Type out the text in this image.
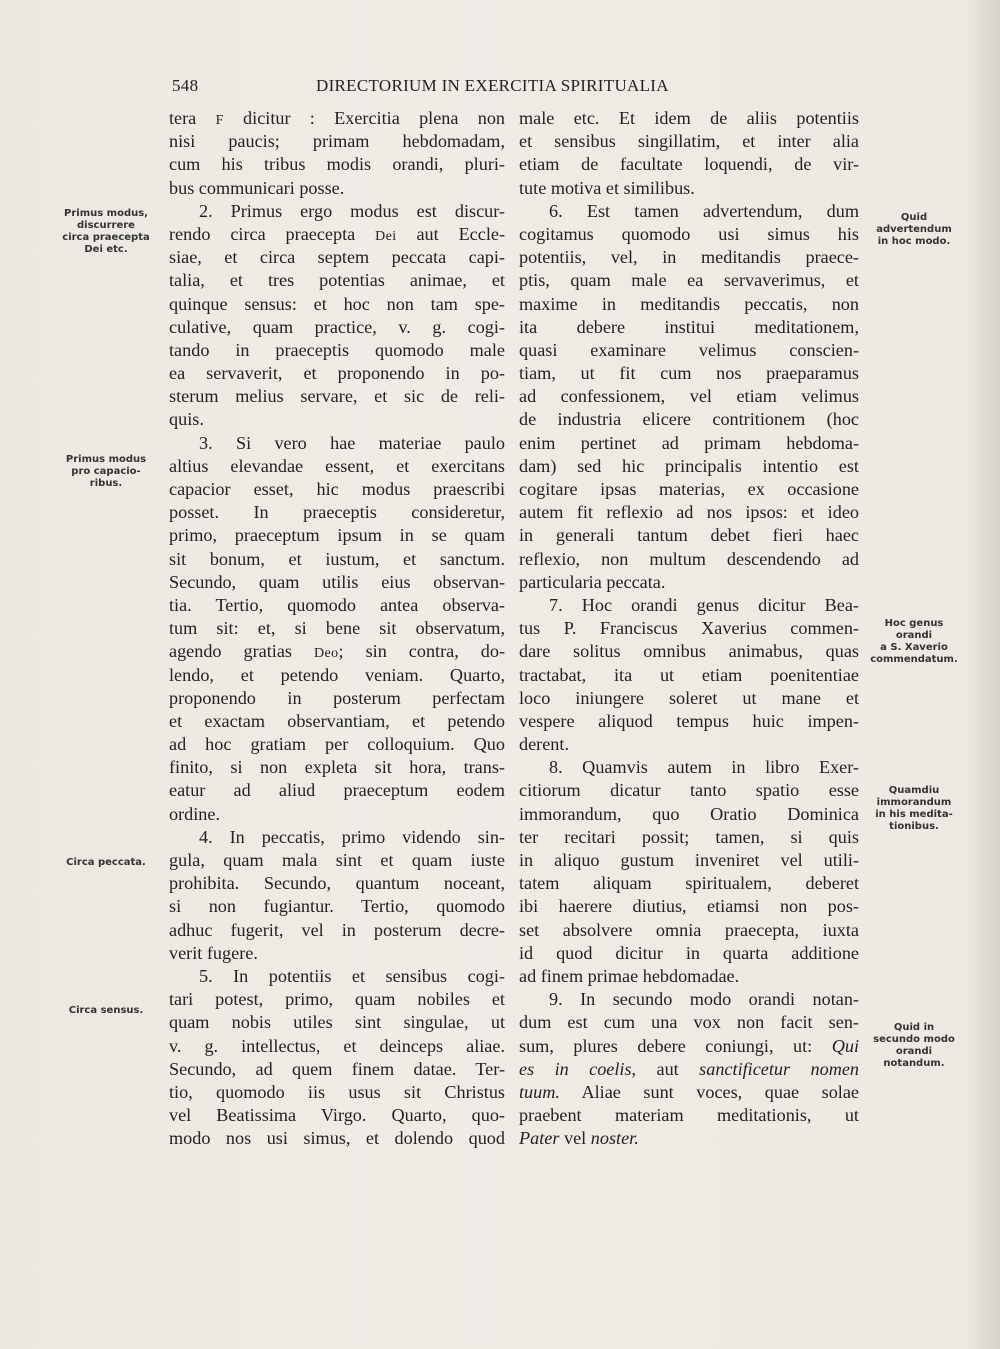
548	DIRECTORIUM IN EXERCITIA SPIRITUALIA
tera F dicitur : Exercitia plena non
nisi paucis; primam hebdomadam,
cum his tribus modis orandi, pluri-
bus communicari posse.
2. Primus ergo modus est discur-
rendo circa praecepta Dei aut Eccle-
siae, et circa septem peccata capi-
talia, et tres potentias animae, et
quinque sensus: et hoc non tam spe-
culative, quam practice, v. g. cogi-
tando in praeceptis quomodo male
ea servaverit, et proponendo in po-
sterum melius servare, et sic de reli-
quis.
3. Si vero hae materiae paulo
altius elevandae essent, et exercitans
capacior esset, hic modus praescribi
posset. In praeceptis consideretur,
primo, praeceptum ipsum in se quam
sit bonum, et iustum, et sanctum.
Secundo, quam utilis eius observan-
tia. Tertio, quomodo antea observa-
tum sit: et, si bene sit observatum,
agendo gratias Deo; sin contra, do-
lendo, et petendo veniam. Quarto,
proponendo in posterum perfectam
et exactam observantiam, et petendo
ad hoc gratiam per colloquium. Quo
finito, si non expleta sit hora, trans-
eatur ad aliud praeceptum eodem
ordine.
4. In peccatis, primo videndo sin-
gula, quam mala sint et quam iuste
prohibita. Secundo, quantum noceant,
si non fugiantur. Tertio, quomodo
adhuc fugerit, vel in posterum decre-
verit fugere.
5. In potentiis et sensibus cogi-
tari potest, primo, quam nobiles et
quam nobis utiles sint singulae, ut
v. g. intellectus, et deinceps aliae.
Secundo, ad quem finem datae. Ter-
tio, quomodo iis usus sit Christus
vel Beatissima Virgo. Quarto, quo-
modo nos usi simus, et dolendo quod
male etc. Et idem de aliis potentiis
et sensibus singillatim, et inter alia
etiam de facultate loquendi, de vir-
tute motiva et similibus.
6. Est tamen advertendum, dum
cogitamus quomodo usi simus his
potentiis, vel, in meditandis praece-
ptis, quam male ea servaverimus, et
maxime in meditandis peccatis, non
ita debere institui meditationem,
quasi examinare velimus conscien-
tiam, ut fit cum nos praeparamus
ad confessionem, vel etiam velimus
de industria elicere contritionem (hoc
enim pertinet ad primam hebdoma-
dam) sed hic principalis intentio est
cogitare ipsas materias, ex occasione
autem fit reflexio ad nos ipsos: et ideo
in generali tantum debet fieri haec
reflexio, non multum descendendo ad
particularia peccata.
7. Hoc orandi genus dicitur Bea-
tus P. Franciscus Xaverius commen-
dare solitus omnibus animabus, quas
tractabat, ita ut etiam poenitentiae
loco iniungere soleret ut mane et
vespere aliquod tempus huic impen-
derent.
8. Quamvis autem in libro Exer-
citiorum dicatur tanto spatio esse
immorandum, quo Oratio Dominica
ter recitari possit; tamen, si quis
in aliquo gustum inveniret vel utili-
tatem aliquam spiritualem, deberet
ibi haerere diutius, etiamsi non pos-
set absolvere omnia praecepta, iuxta
id quod dicitur in quarta additione
ad finem primae hebdomadae.
9. In secundo modo orandi notan-
dum est cum una vox non facit sen-
sum, plures debere coniungi, ut: Qui
es in coelis, aut sanctificetur nomen
tuum. Aliae sunt voces, quae solae
praebent materiam meditationis, ut
Pater vel noster.
Primus modus,
discurrere
circa praecepta
Dei etc.
Primus modus
pro capacio-
ribus.
Circa peccata.
Circa sensus.
Quid
advertendum
in hoc modo.
Hoc genus
orandi
a S. Xaverio
commendatum.
Quamdiu
immorandum
in his medita-
tionibus.
Quid in
secundo modo
orandi
notandum.
